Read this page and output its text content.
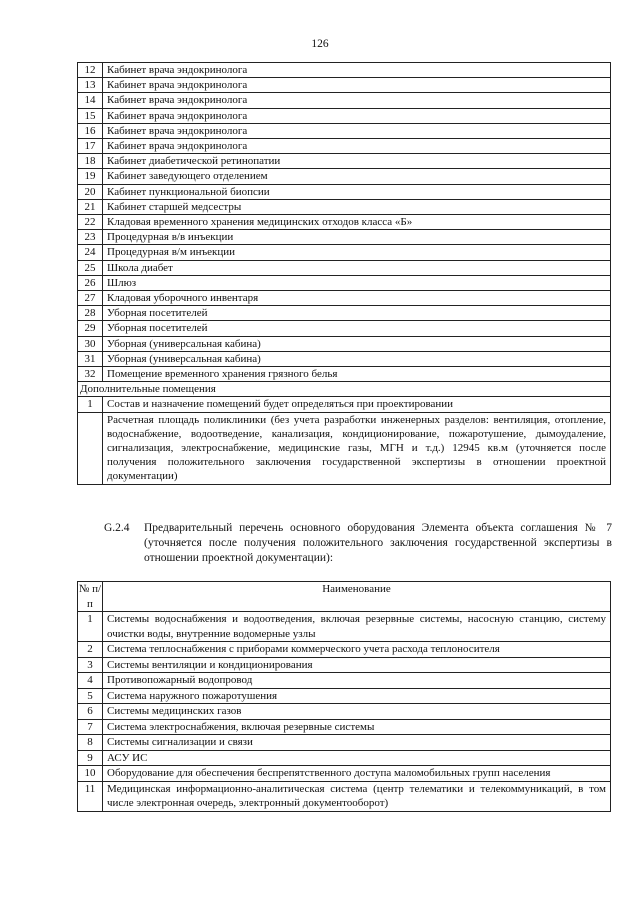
126
12	Кабинет врача эндокринолога
13	Кабинет врача эндокринолога
14	Кабинет врача эндокринолога
15	Кабинет врача эндокринолога
16	Кабинет врача эндокринолога
17	Кабинет врача эндокринолога
18	Кабинет диабетической ретинопатии
19	Кабинет заведующего отделением
20	Кабинет пункциональной биопсии
21	Кабинет старшей медсестры
22	Кладовая временного хранения медицинских отходов класса «Б»
23	Процедурная в/в инъекции
24	Процедурная в/м инъекции
25	Школа диабет
26	Шлюз
27	Кладовая уборочного инвентаря
28	Уборная посетителей
29	Уборная посетителей
30	Уборная (универсальная кабина)
31	Уборная (универсальная кабина)
32	Помещение временного хранения грязного белья
Дополнительные помещения	
1	Состав и назначение помещений будет определяться при проектировании
	Расчетная площадь поликлиники (без учета разработки инженерных разделов: вентиляция, отопление, водоснабжение, водоотведение, канализация, кондиционирование, пожаротушение, дымоудаление, сигнализация, электроснабжение, медицинские газы, МГН и т.д.) 12945 кв.м (уточняется после получения положительного заключения государственной экспертизы в отношении проектной документации)
G.2.4 Предварительный перечень основного оборудования Элемента объекта соглашения № 7 (уточняется после получения положительного заключения государственной экспертизы в отношении проектной документации):
№ п/п	Наименование
1	Системы водоснабжения и водоотведения, включая резервные системы, насосную станцию, систему очистки воды, внутренние водомерные узлы
2	Система теплоснабжения с приборами коммерческого учета расхода теплоносителя
3	Системы вентиляции и кондиционирования
4	Противопожарный водопровод
5	Система наружного пожаротушения
6	Системы медицинских газов
7	Система электроснабжения, включая резервные системы
8	Системы сигнализации и связи
9	АСУ ИС
10	Оборудование для обеспечения беспрепятственного доступа маломобильных групп населения
11	Медицинская информационно-аналитическая система (центр телематики и телекоммуникаций, в том числе электронная очередь, электронный документооборот)
